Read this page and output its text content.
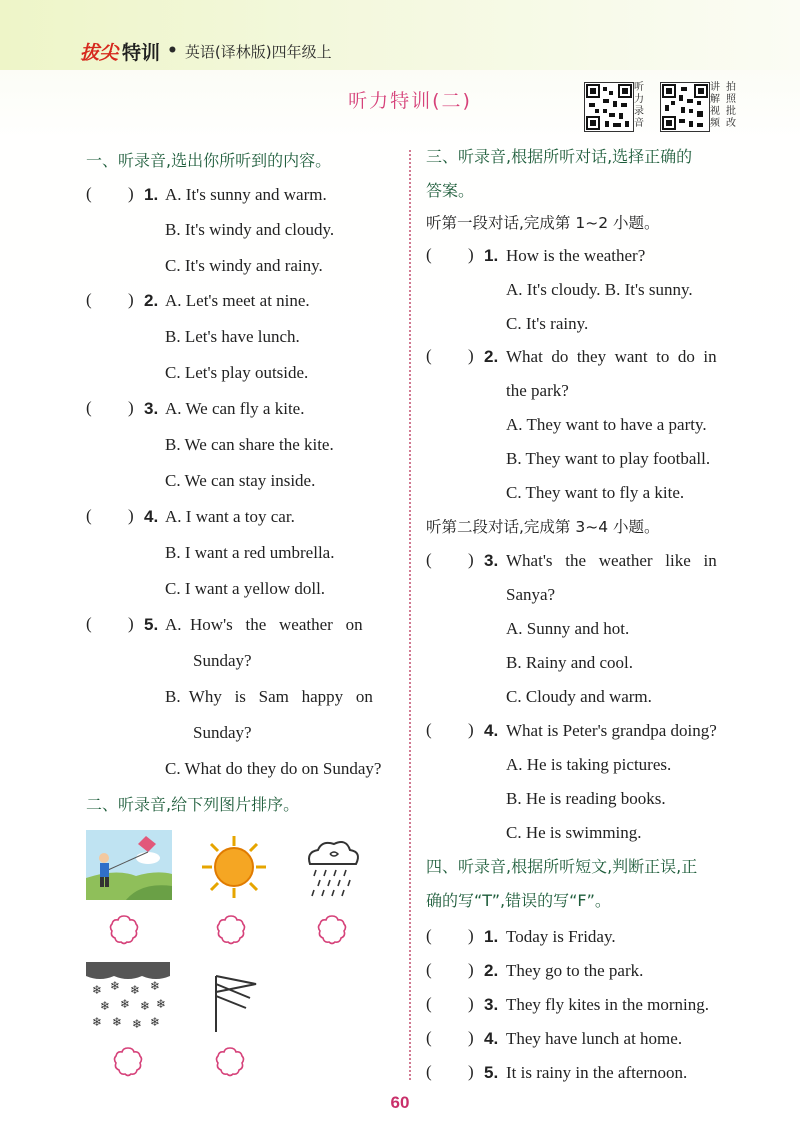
拔尖 特训 • 英语(译林版)四年级上
听力特训(二)
听力录音
讲解视频
拍照批改
一、听录音,选出你所听到的内容。
( ) 1. A. It's sunny and warm.
B. It's windy and cloudy.
C. It's windy and rainy.
( ) 2. A. Let's meet at nine.
B. Let's have lunch.
C. Let's play outside.
( ) 3. A. We can fly a kite.
B. We can share the kite.
C. We can stay inside.
( ) 4. A. I want a toy car.
B. I want a red umbrella.
C. I want a yellow doll.
( ) 5. A.  How's   the   weather   on
Sunday?
B.  Why   is   Sam   happy   on
Sunday?
C. What do they do on Sunday?
二、听录音,给下列图片排序。
❄ ❄ ❄ ❄
❄ ❄ ❄ ❄
❄ ❄ ❄ ❄
三、听录音,根据所听对话,选择正确的
答案。
听第一段对话,完成第 1~2 小题。
( ) 1. How is the weather?
A. It's cloudy. B. It's sunny.
C. It's rainy.
( ) 2. What  do  they  want  to  do  in
the park?
A. They want to have a party.
B. They want to play football.
C. They want to fly a kite.
听第二段对话,完成第 3~4 小题。
( ) 3. What's   the   weather   like   in
Sanya?
A. Sunny and hot.
B. Rainy and cool.
C. Cloudy and warm.
( ) 4. What is Peter's grandpa doing?
A. He is taking pictures.
B. He is reading books.
C. He is swimming.
四、听录音,根据所听短文,判断正误,正
确的写“T”,错误的写“F”。
( ) 1. Today is Friday.
( ) 2. They go to the park.
( ) 3. They fly kites in the morning.
( ) 4. They have lunch at home.
( ) 5. It is rainy in the afternoon.
60
